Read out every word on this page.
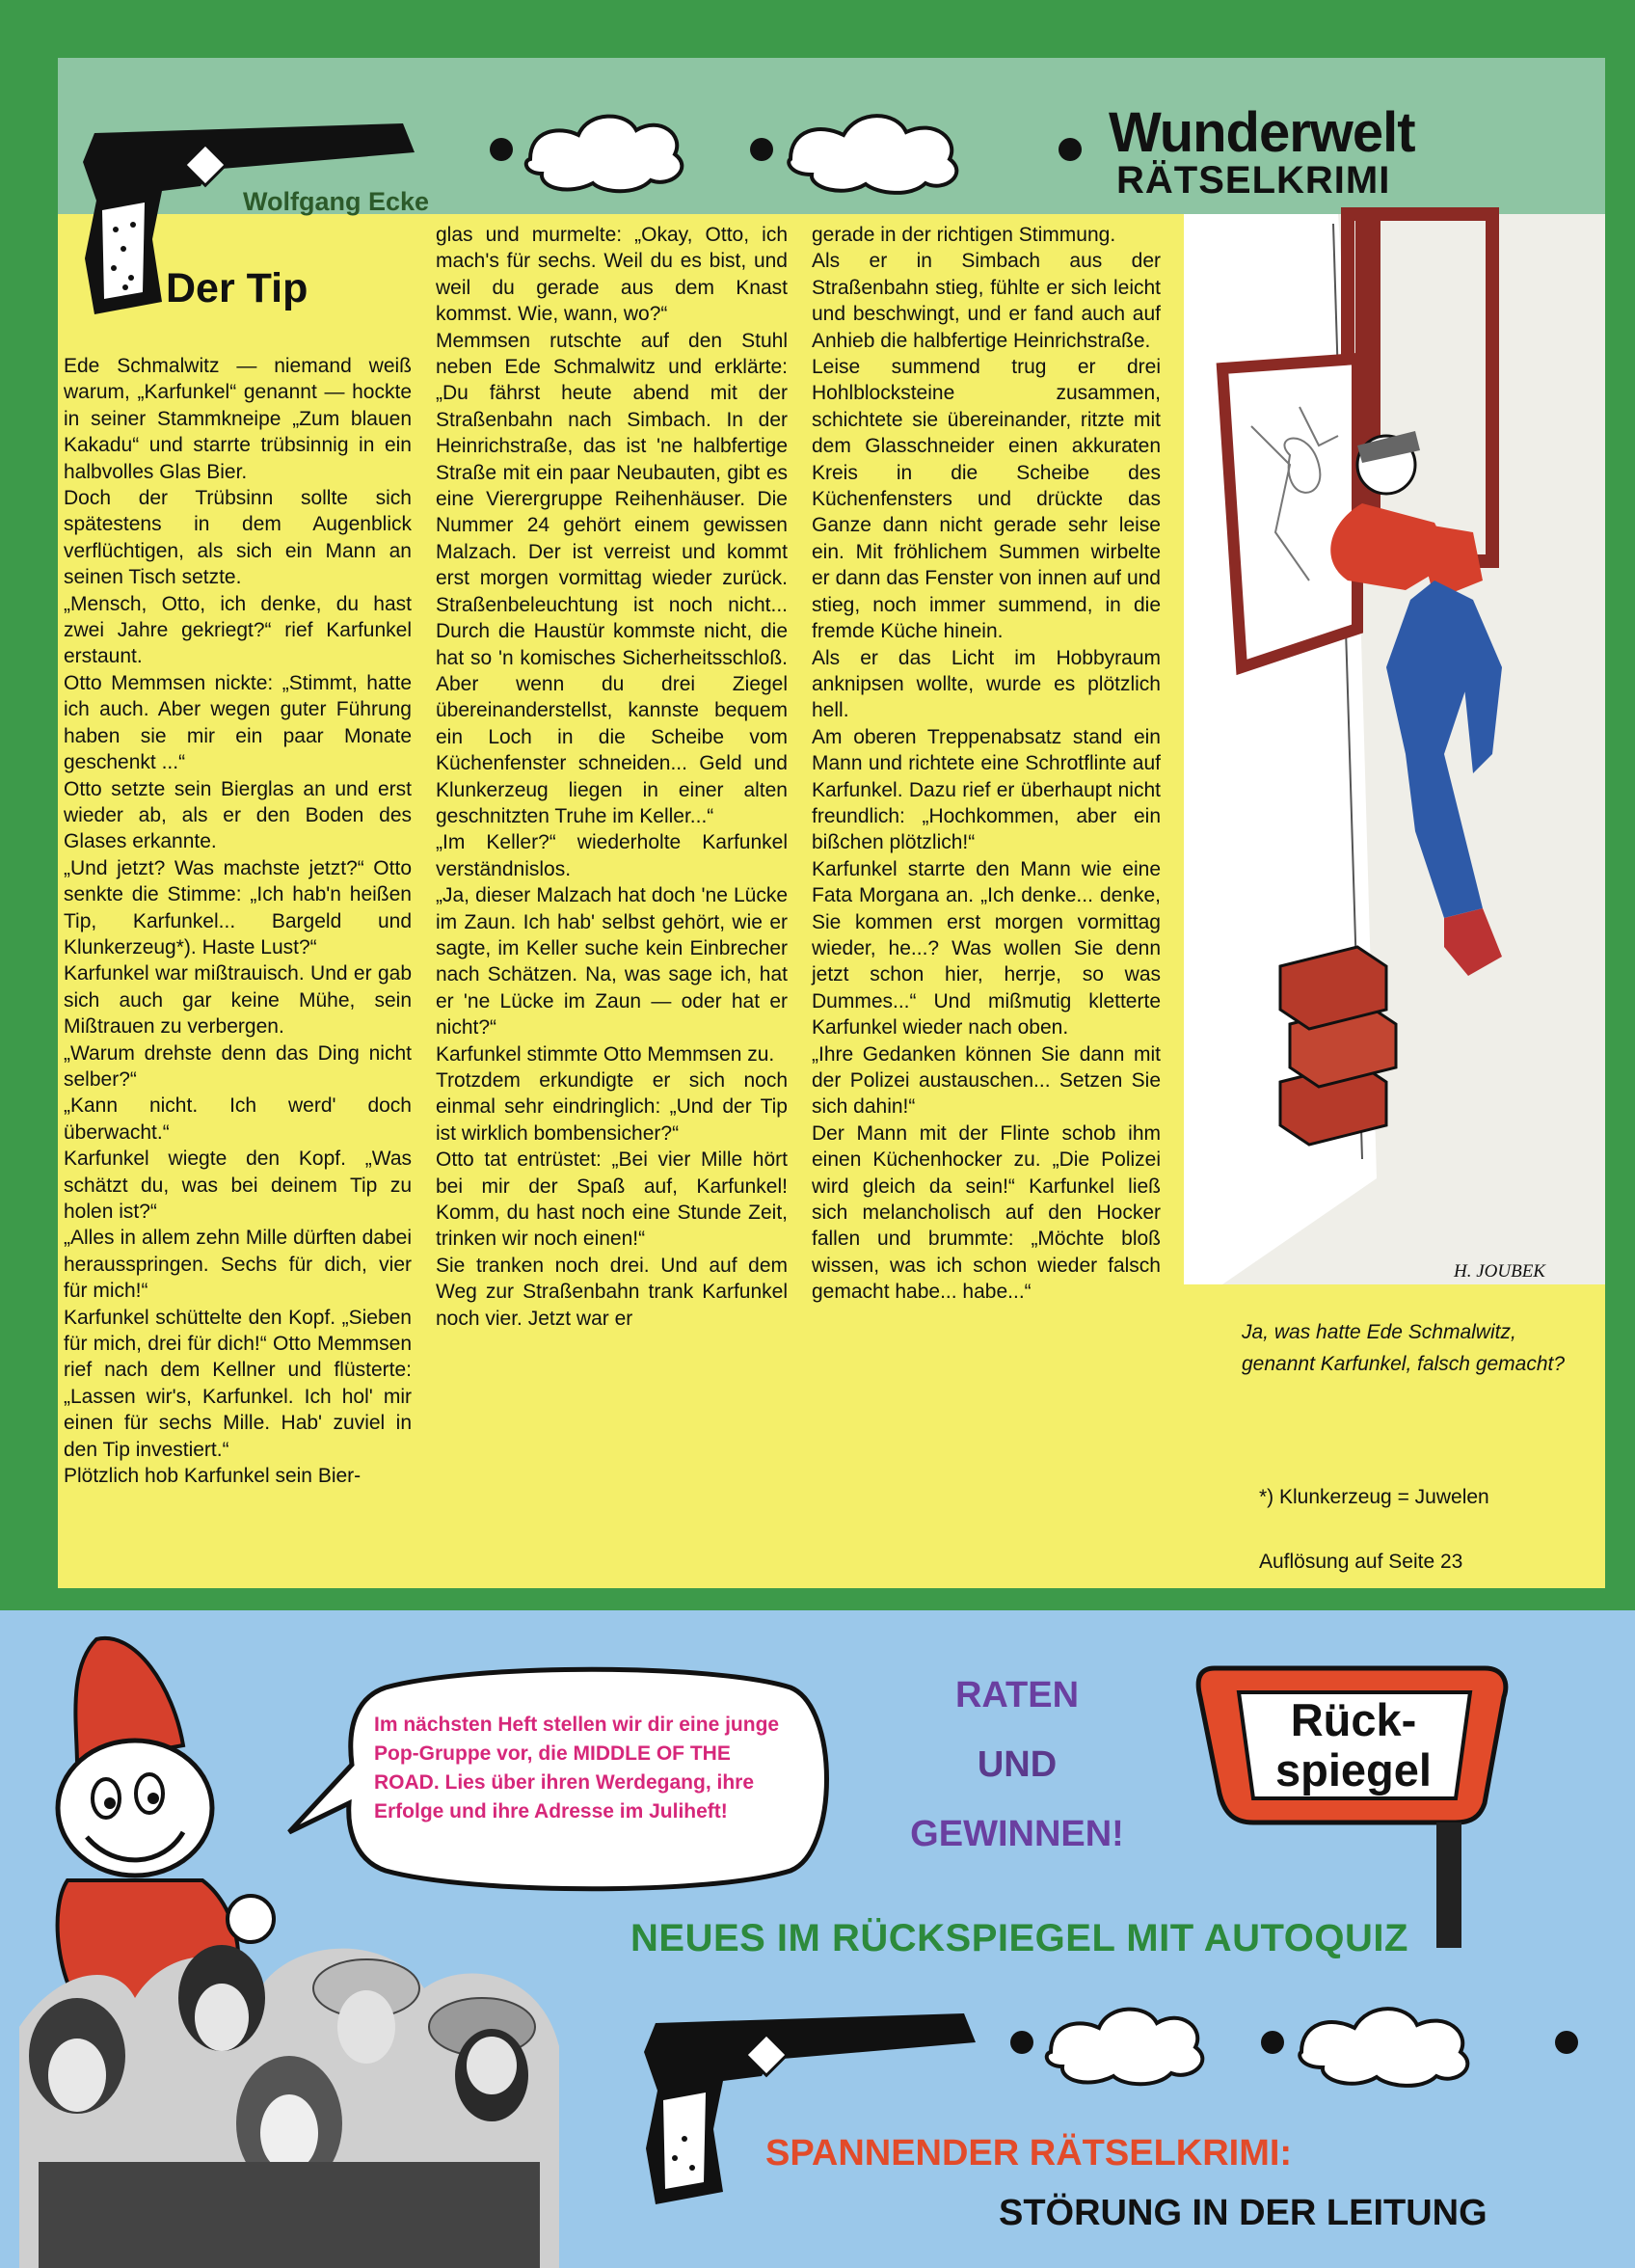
Wolfgang Ecke
Der Tip
Wunderwelt
RÄTSELKRIMI

Ede Schmalwitz — niemand weiß warum, „Karfunkel“ genannt — hockte in seiner Stammkneipe „Zum blauen Kakadu“ und starrte trübsinnig in ein halbvolles Glas Bier.

Doch der Trübsinn sollte sich spätestens in dem Augenblick verflüchtigen, als sich ein Mann an seinen Tisch setzte.

„Mensch, Otto, ich denke, du hast zwei Jahre gekriegt?“ rief Karfunkel erstaunt.

Otto Memmsen nickte: „Stimmt, hatte ich auch. Aber wegen guter Führung haben sie mir ein paar Monate geschenkt ...“

Otto setzte sein Bierglas an und erst wieder ab, als er den Boden des Glases erkannte.

„Und jetzt? Was machste jetzt?“ Otto senkte die Stimme: „Ich hab'n heißen Tip, Karfunkel... Bargeld und Klunkerzeug*). Haste Lust?“

Karfunkel war mißtrauisch. Und er gab sich auch gar keine Mühe, sein Mißtrauen zu verbergen.

„Warum drehste denn das Ding nicht selber?“

„Kann nicht. Ich werd' doch überwacht.“

Karfunkel wiegte den Kopf. „Was schätzt du, was bei deinem Tip zu holen ist?“

„Alles in allem zehn Mille dürften dabei herausspringen. Sechs für dich, vier für mich!“

Karfunkel schüttelte den Kopf. „Sieben für mich, drei für dich!“ Otto Memmsen rief nach dem Kellner und flüsterte: „Lassen wir's, Karfunkel. Ich hol' mir einen für sechs Mille. Hab' zuviel in den Tip investiert.“

Plötzlich hob Karfunkel sein Bier-

glas und murmelte: „Okay, Otto, ich mach's für sechs. Weil du es bist, und weil du gerade aus dem Knast kommst. Wie, wann, wo?“

Memmsen rutschte auf den Stuhl neben Ede Schmalwitz und erklärte: „Du fährst heute abend mit der Straßenbahn nach Simbach. In der Heinrichstraße, das ist 'ne halbfertige Straße mit ein paar Neubauten, gibt es eine Vierergruppe Reihenhäuser. Die Nummer 24 gehört einem gewissen Malzach. Der ist verreist und kommt erst morgen vormittag wieder zurück. Straßenbeleuchtung ist noch nicht... Durch die Haustür kommste nicht, die hat so 'n komisches Sicherheitsschloß. Aber wenn du drei Ziegel übereinanderstellst, kannste bequem ein Loch in die Scheibe vom Küchenfenster schneiden... Geld und Klunkerzeug liegen in einer alten geschnitzten Truhe im Keller...“

„Im Keller?“ wiederholte Karfunkel verständnislos.

„Ja, dieser Malzach hat doch 'ne Lücke im Zaun. Ich hab' selbst gehört, wie er sagte, im Keller suche kein Einbrecher nach Schätzen. Na, was sage ich, hat er 'ne Lücke im Zaun — oder hat er nicht?“

Karfunkel stimmte Otto Memmsen zu.

Trotzdem erkundigte er sich noch einmal sehr eindringlich: „Und der Tip ist wirklich bombensicher?“

Otto tat entrüstet: „Bei vier Mille hört bei mir der Spaß auf, Karfunkel! Komm, du hast noch eine Stunde Zeit, trinken wir noch einen!“

Sie tranken noch drei. Und auf dem Weg zur Straßenbahn trank Karfunkel noch vier. Jetzt war er

gerade in der richtigen Stimmung.

Als er in Simbach aus der Straßenbahn stieg, fühlte er sich leicht und beschwingt, und er fand auch auf Anhieb die halbfertige Heinrichstraße.

Leise summend trug er drei Hohlblocksteine zusammen, schichtete sie übereinander, ritzte mit dem Glasschneider einen akkuraten Kreis in die Scheibe des Küchenfensters und drückte das Ganze dann nicht gerade sehr leise ein. Mit fröhlichem Summen wirbelte er dann das Fenster von innen auf und stieg, noch immer summend, in die fremde Küche hinein.

Als er das Licht im Hobbyraum anknipsen wollte, wurde es plötzlich hell.

Am oberen Treppenabsatz stand ein Mann und richtete eine Schrotflinte auf Karfunkel. Dazu rief er überhaupt nicht freundlich: „Hochkommen, aber ein bißchen plötzlich!“

Karfunkel starrte den Mann wie eine Fata Morgana an. „Ich denke... denke, Sie kommen erst morgen vormittag wieder, he...? Was wollen Sie denn jetzt schon hier, herrje, so was Dummes...“ Und mißmutig kletterte Karfunkel wieder nach oben.

„Ihre Gedanken können Sie dann mit der Polizei austauschen... Setzen Sie sich dahin!“

Der Mann mit der Flinte schob ihm einen Küchenhocker zu. „Die Polizei wird gleich da sein!“ Karfunkel ließ sich melancholisch auf den Hocker fallen und brummte: „Möchte bloß wissen, was ich schon wieder falsch gemacht habe... habe...“

H. JOUBEK
Ja, was hatte Ede Schmalwitz, genannt Karfunkel, falsch gemacht?
*) Klunkerzeug = Juwelen
Auflösung auf Seite 23
Im nächsten Heft stellen wir dir eine junge Pop-Gruppe vor, die MIDDLE OF THE ROAD. Lies über ihren Werdegang, ihre Erfolge und ihre Adresse im Juliheft!
RATEN
UND
GEWINNEN!
Rück-
spiegel
NEUES IM RÜCKSPIEGEL MIT AUTOQUIZ
SPANNENDER RÄTSELKRIMI:
STÖRUNG IN DER LEITUNG
